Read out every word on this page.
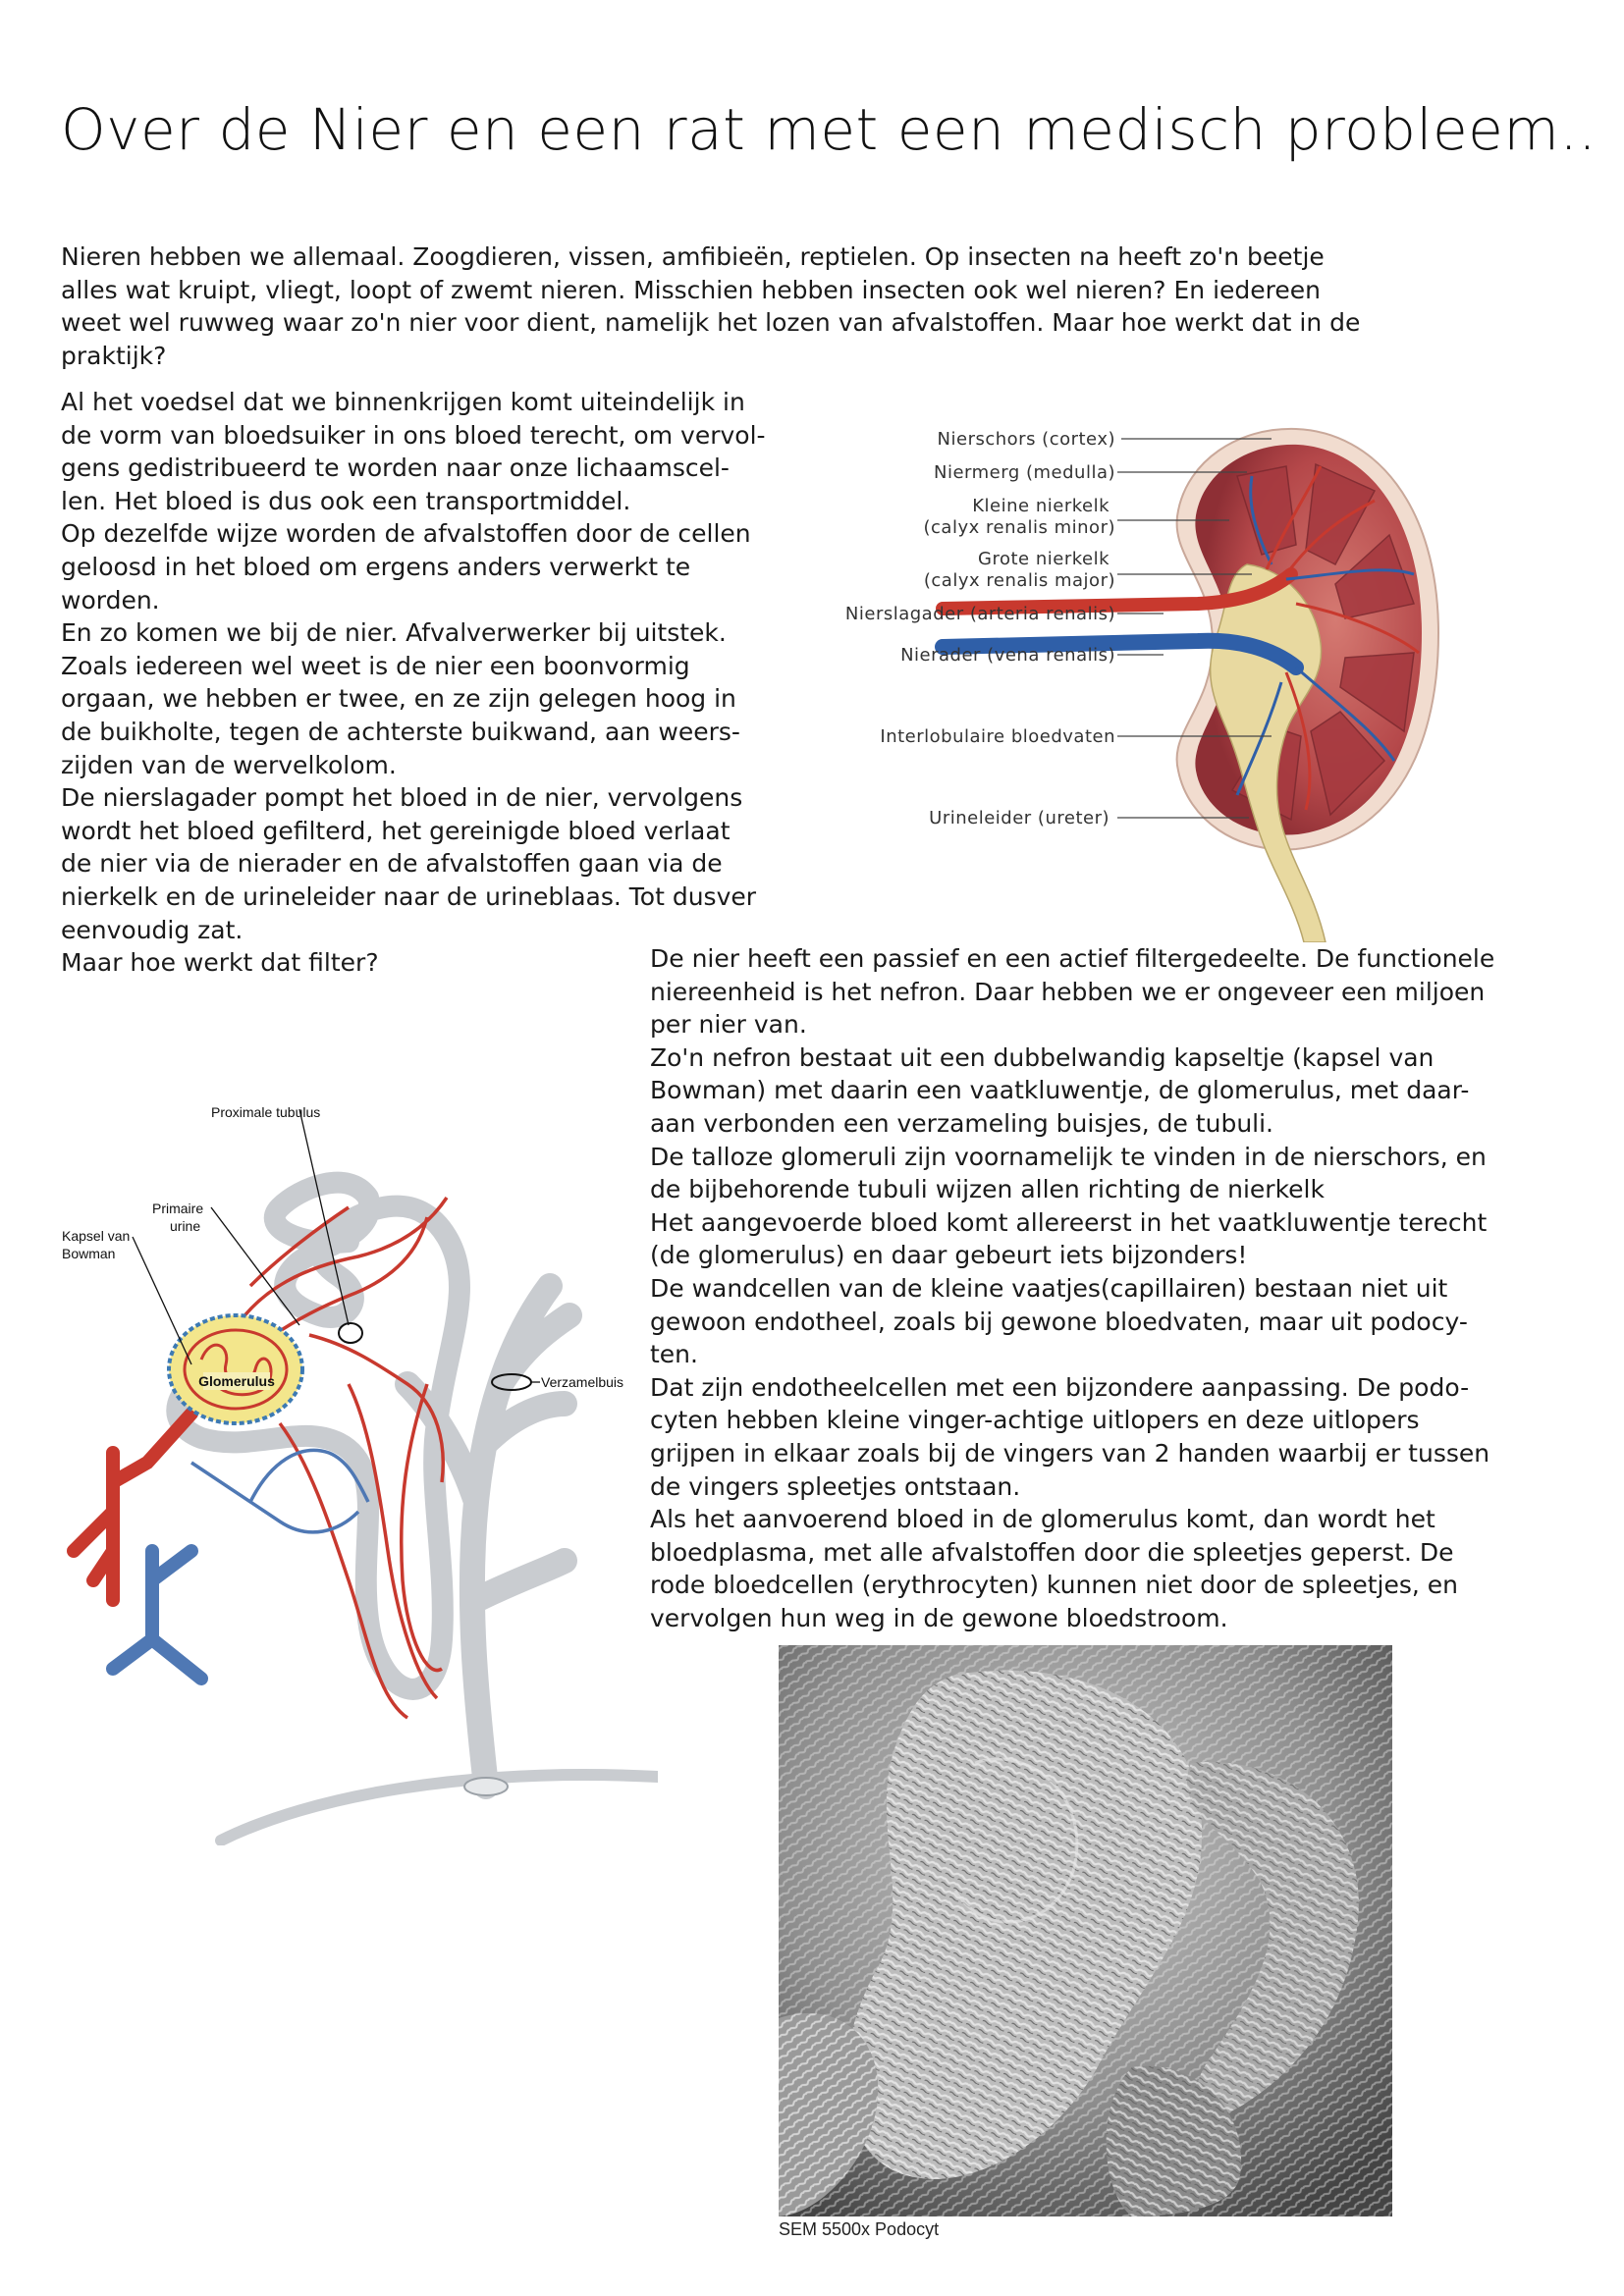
Over de Nier en een rat met een medisch probleem..
Nieren hebben we allemaal. Zoogdieren, vissen, amfibieën, reptielen. Op insecten na heeft zo'n beetje
alles wat kruipt, vliegt, loopt of zwemt nieren. Misschien hebben insecten ook wel nieren? En iedereen
weet wel ruwweg waar zo'n nier voor dient, namelijk het lozen van afvalstoffen. Maar hoe werkt dat in de
praktijk?
Al het voedsel dat we binnenkrijgen komt uiteindelijk in
de vorm van bloedsuiker in ons bloed terecht, om vervol-
gens gedistribueerd te worden naar onze lichaamscel-
len. Het bloed is dus ook een transportmiddel.
Op dezelfde wijze worden de afvalstoffen door de cellen
geloosd in het bloed om ergens anders verwerkt te
worden.
En zo komen we bij de nier. Afvalverwerker bij uitstek.
Zoals iedereen wel weet is de nier een boonvormig
orgaan, we hebben er twee, en ze zijn gelegen hoog in
de buikholte, tegen de achterste buikwand, aan weers-
zijden van de wervelkolom.
De nierslagader pompt het bloed in de nier, vervolgens
wordt het bloed gefilterd, het gereinigde bloed verlaat
de nier via de nierader en de afvalstoffen gaan via de
nierkelk en de urineleider naar de urineblaas. Tot dusver
eenvoudig zat.
Maar hoe werkt dat filter?
Nierschors (cortex)
Niermerg (medulla)
Kleine nierkelk
(calyx renalis minor)
Grote nierkelk
(calyx renalis major)
Nierslagader (arteria renalis)
Nierader (vena renalis)
Interlobulaire bloedvaten
Urineleider (ureter)
De nier heeft een passief en een actief filtergedeelte. De functionele
niereenheid is het nefron. Daar hebben we er ongeveer een miljoen
per nier van.
Zo'n nefron bestaat uit een dubbelwandig kapseltje (kapsel van
Bowman) met daarin een vaatkluwentje, de glomerulus, met daar-
aan verbonden een verzameling buisjes, de tubuli.
De talloze glomeruli zijn voornamelijk te vinden in de nierschors, en
de bijbehorende tubuli wijzen allen richting de nierkelk
Het aangevoerde bloed komt allereerst in het vaatkluwentje terecht
(de glomerulus) en daar gebeurt iets bijzonders!
De wandcellen van de kleine vaatjes(capillairen) bestaan niet uit
gewoon endotheel, zoals bij gewone bloedvaten, maar uit podocy-
ten.
Dat zijn endotheelcellen met een bijzondere aanpassing. De podo-
cyten hebben kleine vinger-achtige uitlopers en deze uitlopers
grijpen in elkaar zoals bij de vingers van 2 handen waarbij er tussen
de vingers spleetjes ontstaan.
Als het aanvoerend bloed in de glomerulus komt, dan wordt het
bloedplasma, met alle afvalstoffen door die spleetjes geperst. De
rode bloedcellen (erythrocyten) kunnen niet door de spleetjes, en
vervolgen hun weg in de gewone bloedstroom.
Glomerulus
Proximale tubulus
Primaire
urine
Kapsel van
Bowman
Verzamelbuis
SEM 5500x Podocyt
